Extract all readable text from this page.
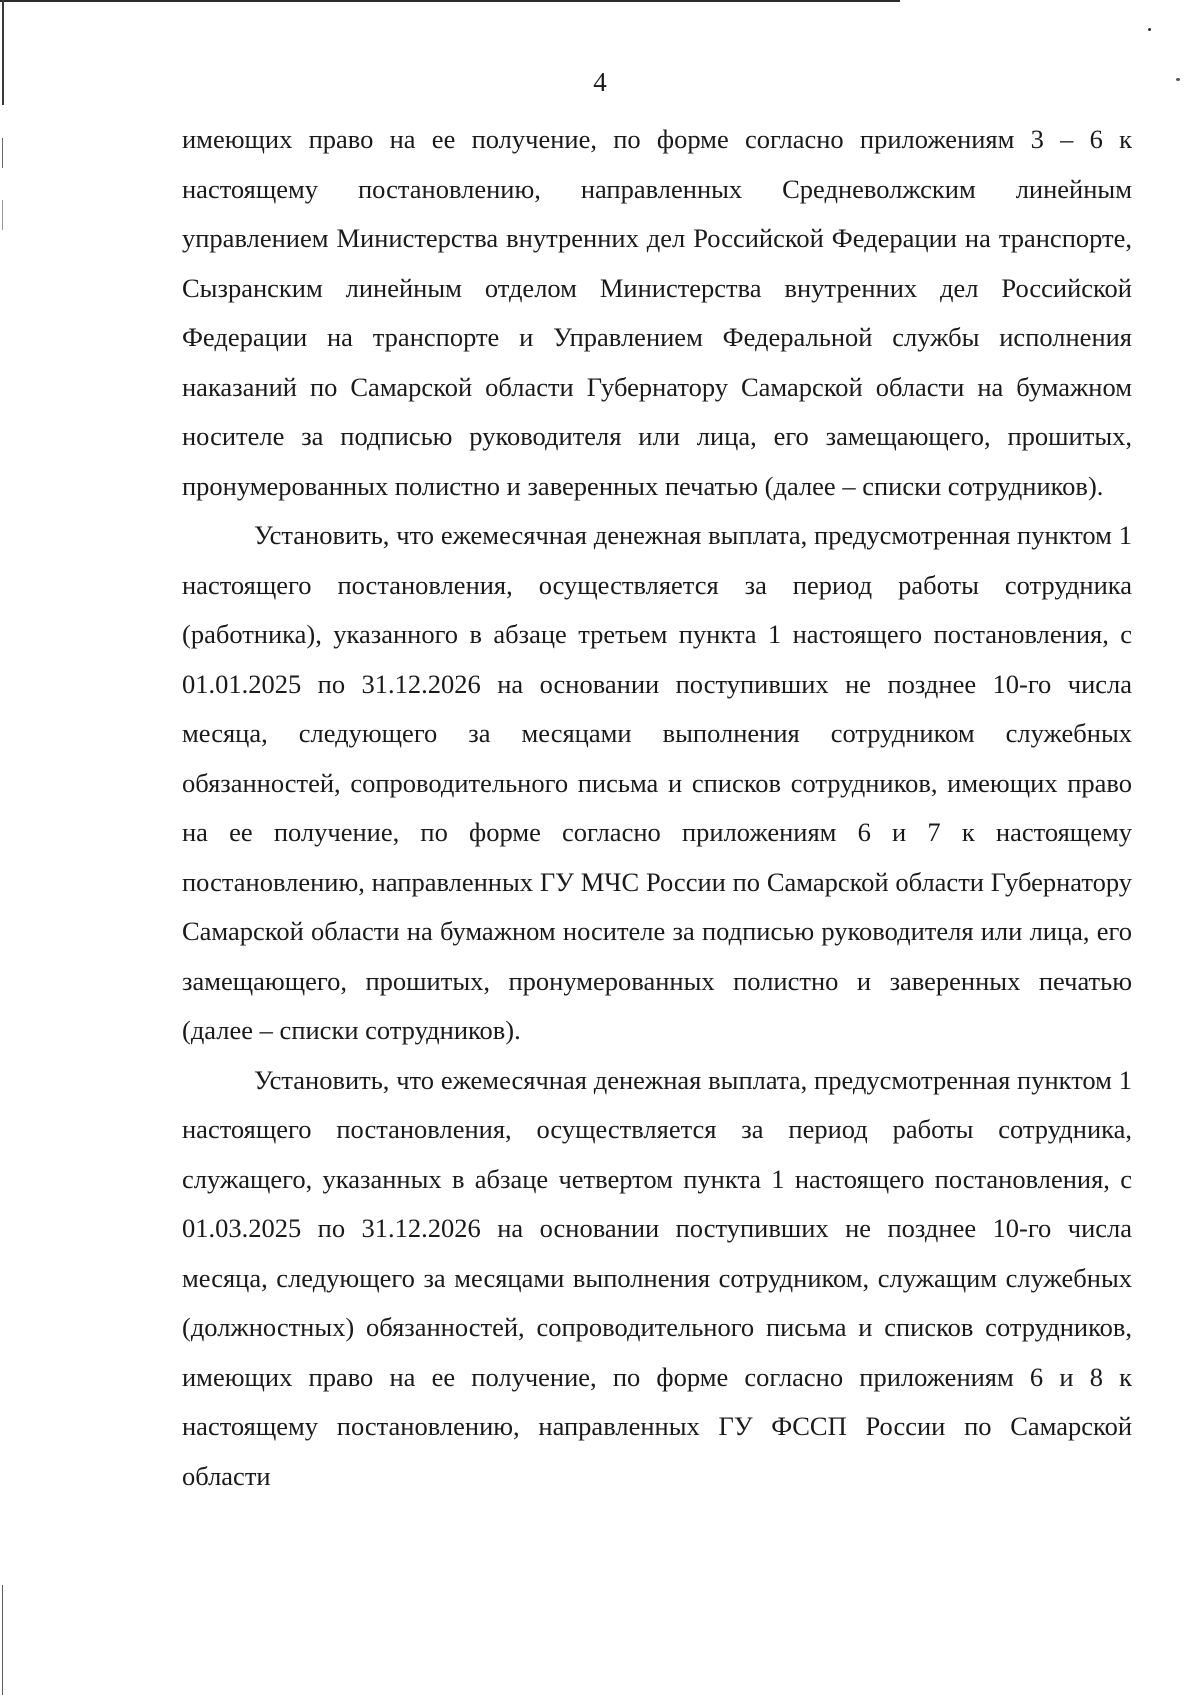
4

имеющих право на ее получение, по форме согласно приложениям 3 – 6 к настоящему постановлению, направленных Средневолжским линейным управлением Министерства внутренних дел Российской Федерации на транспорте, Сызранским линейным отделом Министерства внутренних дел Российской Федерации на транспорте и Управлением Федеральной службы исполнения наказаний по Самарской области Губернатору Самарской области на бумажном носителе за подписью руководителя или лица, его замещающего, прошитых, пронумерованных полистно и заверенных печатью (далее – списки сотрудников).

Установить, что ежемесячная денежная выплата, предусмотренная пунктом 1 настоящего постановления, осуществляется за период работы сотрудника (работника), указанного в абзаце третьем пункта 1 настоящего постановления, с 01.01.2025 по 31.12.2026 на основании поступивших не позднее 10-го числа месяца, следующего за месяцами выполнения сотрудником служебных обязанностей, сопроводительного письма и списков сотрудников, имеющих право на ее получение, по форме согласно приложениям 6 и 7 к настоящему постановлению, направленных ГУ МЧС России по Самарской области Губернатору Самарской области на бумажном носителе за подписью руководителя или лица, его замещающего, прошитых, пронумерованных полистно и заверенных печатью (далее – списки сотрудников).

Установить, что ежемесячная денежная выплата, предусмотренная пунктом 1 настоящего постановления, осуществляется за период работы сотрудника, служащего, указанных в абзаце четвертом пункта 1 настоящего постановления, с 01.03.2025 по 31.12.2026 на основании поступивших не позднее 10-го числа месяца, следующего за месяцами выполнения сотрудником, служащим служебных (должностных) обязанностей, сопроводительного письма и списков сотрудников, имеющих право на ее получение, по форме согласно приложениям 6 и 8 к настоящему постановлению, направленных ГУ ФССП России по Самарской области
